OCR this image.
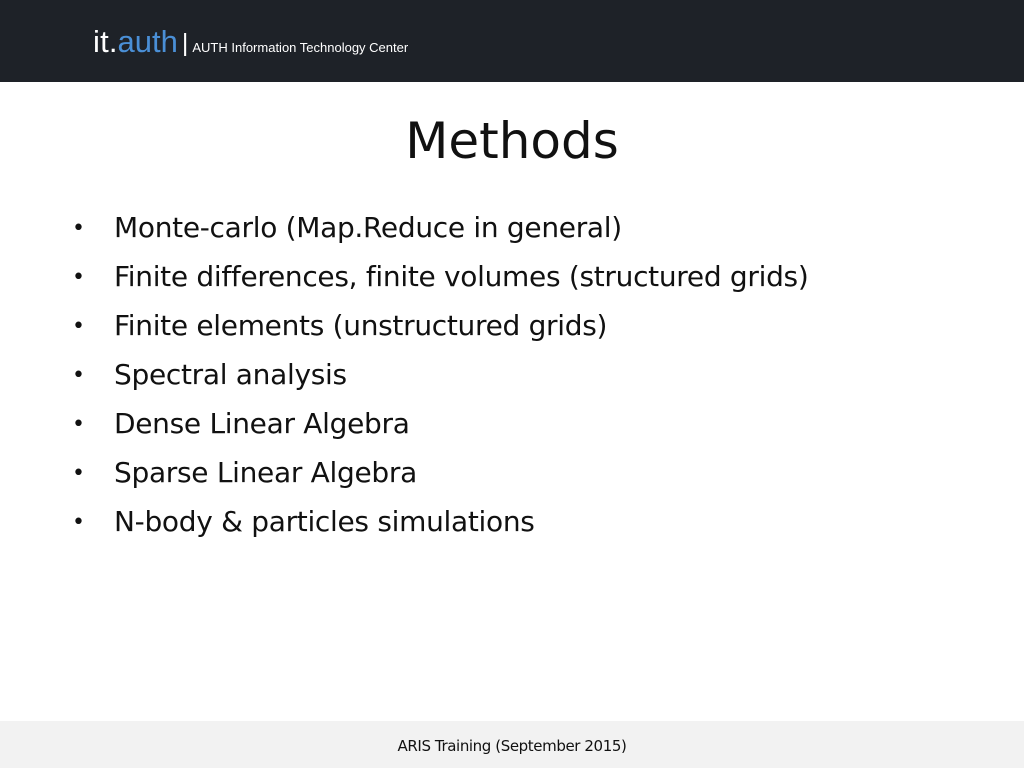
it . auth | AUTH Information Technology Center
Methods
•	Monte-carlo (Map.Reduce in general)
•	Finite differences, finite volumes (structured grids)
•	Finite elements (unstructured grids)
•	Spectral analysis
•	Dense Linear Algebra
•	Sparse Linear Algebra
•	N-body & particles simulations
ARIS Training (September 2015)
